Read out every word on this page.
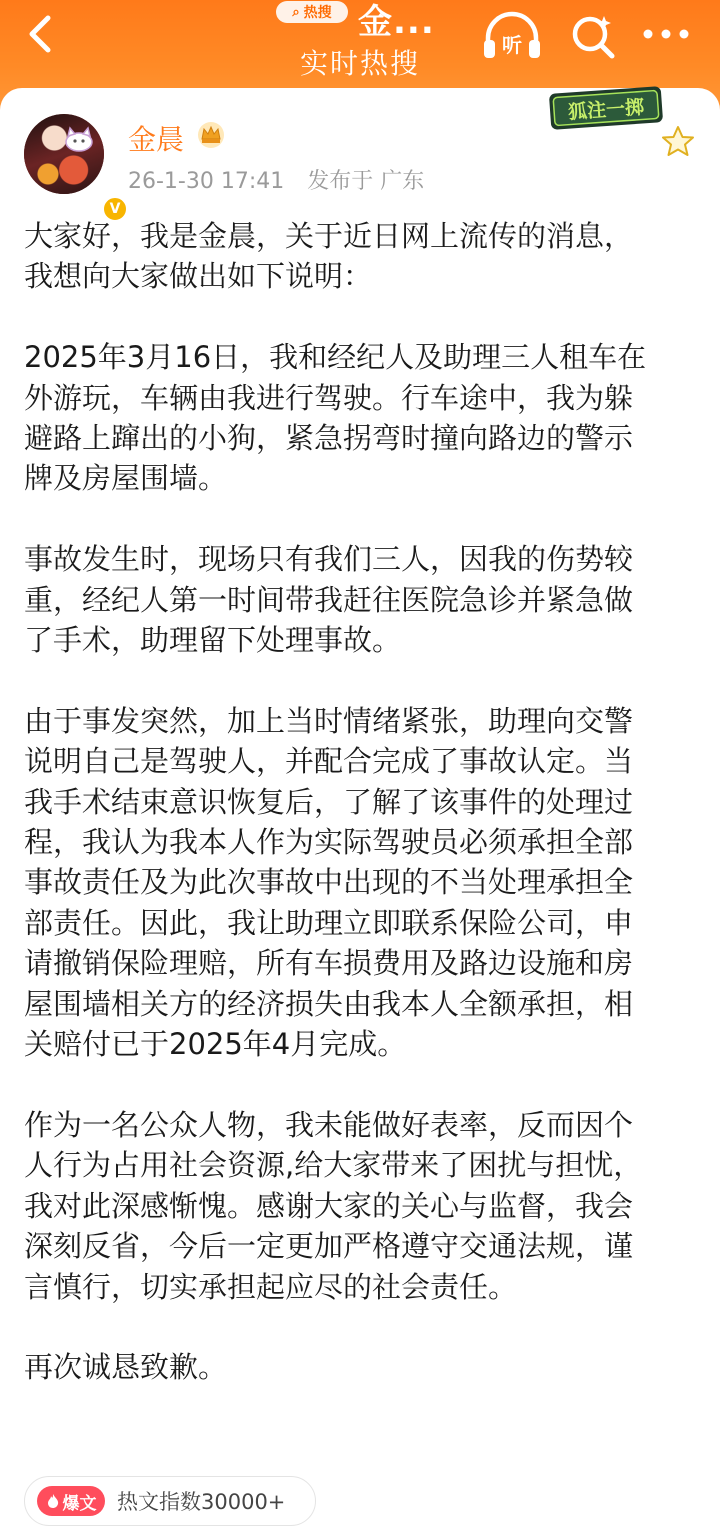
⌕ 热搜 金...
实时热搜
听
V
金晨
26-1-30 17:41 发布于 广东
狐注一掷

大家好，我是金晨，关于近日网上流传的消息，
我想向大家做出如下说明：

2025年3月16日，我和经纪人及助理三人租车在
外游玩，车辆由我进行驾驶。行车途中，我为躲
避路上蹿出的小狗，紧急拐弯时撞向路边的警示
牌及房屋围墙。

事故发生时，现场只有我们三人，因我的伤势较
重，经纪人第一时间带我赶往医院急诊并紧急做
了手术，助理留下处理事故。

由于事发突然，加上当时情绪紧张，助理向交警
说明自己是驾驶人，并配合完成了事故认定。当
我手术结束意识恢复后，了解了该事件的处理过
程，我认为我本人作为实际驾驶员必须承担全部
事故责任及为此次事故中出现的不当处理承担全
部责任。因此，我让助理立即联系保险公司，申
请撤销保险理赔，所有车损费用及路边设施和房
屋围墙相关方的经济损失由我本人全额承担，相
关赔付已于2025年4月完成。

作为一名公众人物，我未能做好表率，反而因个
人行为占用社会资源,给大家带来了困扰与担忧，
我对此深感惭愧。感谢大家的关心与监督，我会
深刻反省，今后一定更加严格遵守交通法规，谨
言慎行，切实承担起应尽的社会责任。

再次诚恳致歉。

爆文 热文指数30000+
